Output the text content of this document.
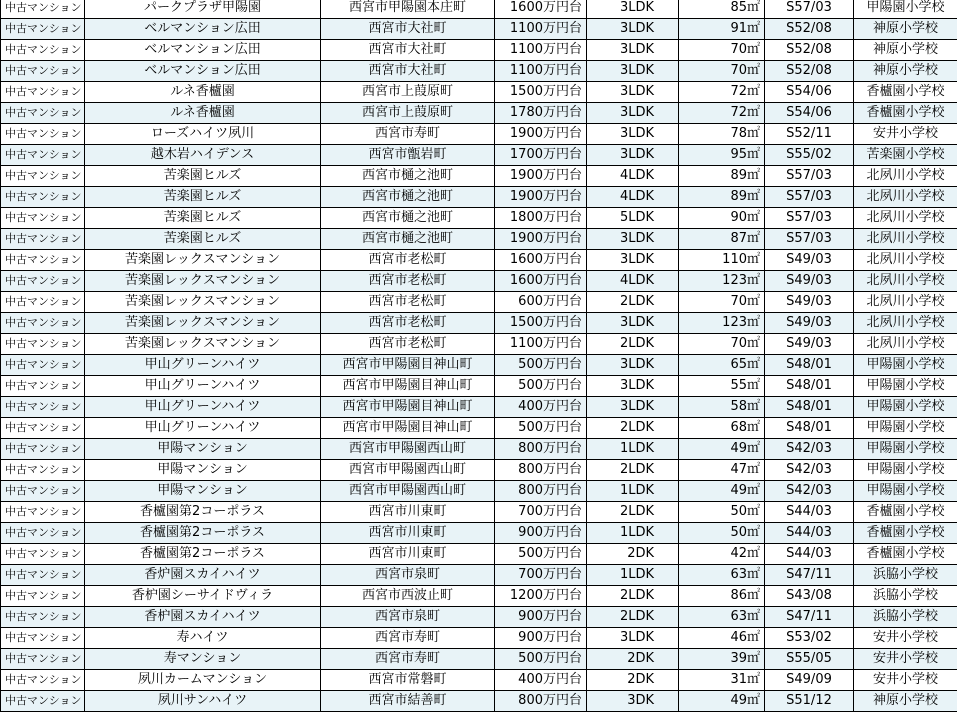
中古マンション	パークプラザ甲陽園	西宮市甲陽園本庄町	1600万円台	3LDK	85㎡	S57/03	甲陽園小学校
中古マンション	ベルマンション広田	西宮市大社町	1100万円台	3LDK	91㎡	S52/08	神原小学校
中古マンション	ベルマンション広田	西宮市大社町	1100万円台	3LDK	70㎡	S52/08	神原小学校
中古マンション	ベルマンション広田	西宮市大社町	1100万円台	3LDK	70㎡	S52/08	神原小学校
中古マンション	ルネ香櫨園	西宮市上葭原町	1500万円台	3LDK	72㎡	S54/06	香櫨園小学校
中古マンション	ルネ香櫨園	西宮市上葭原町	1780万円台	3LDK	72㎡	S54/06	香櫨園小学校
中古マンション	ローズハイツ夙川	西宮市寿町	1900万円台	3LDK	78㎡	S52/11	安井小学校
中古マンション	越木岩ハイデンス	西宮市甑岩町	1700万円台	3LDK	95㎡	S55/02	苦楽園小学校
中古マンション	苦楽園ヒルズ	西宮市樋之池町	1900万円台	4LDK	89㎡	S57/03	北夙川小学校
中古マンション	苦楽園ヒルズ	西宮市樋之池町	1900万円台	4LDK	89㎡	S57/03	北夙川小学校
中古マンション	苦楽園ヒルズ	西宮市樋之池町	1800万円台	5LDK	90㎡	S57/03	北夙川小学校
中古マンション	苦楽園ヒルズ	西宮市樋之池町	1900万円台	3LDK	87㎡	S57/03	北夙川小学校
中古マンション	苦楽園レックスマンション	西宮市老松町	1600万円台	3LDK	110㎡	S49/03	北夙川小学校
中古マンション	苦楽園レックスマンション	西宮市老松町	1600万円台	4LDK	123㎡	S49/03	北夙川小学校
中古マンション	苦楽園レックスマンション	西宮市老松町	600万円台	2LDK	70㎡	S49/03	北夙川小学校
中古マンション	苦楽園レックスマンション	西宮市老松町	1500万円台	3LDK	123㎡	S49/03	北夙川小学校
中古マンション	苦楽園レックスマンション	西宮市老松町	1100万円台	2LDK	70㎡	S49/03	北夙川小学校
中古マンション	甲山グリーンハイツ	西宮市甲陽園目神山町	500万円台	3LDK	65㎡	S48/01	甲陽園小学校
中古マンション	甲山グリーンハイツ	西宮市甲陽園目神山町	500万円台	3LDK	55㎡	S48/01	甲陽園小学校
中古マンション	甲山グリーンハイツ	西宮市甲陽園目神山町	400万円台	3LDK	58㎡	S48/01	甲陽園小学校
中古マンション	甲山グリーンハイツ	西宮市甲陽園目神山町	500万円台	2LDK	68㎡	S48/01	甲陽園小学校
中古マンション	甲陽マンション	西宮市甲陽園西山町	800万円台	1LDK	49㎡	S42/03	甲陽園小学校
中古マンション	甲陽マンション	西宮市甲陽園西山町	800万円台	2LDK	47㎡	S42/03	甲陽園小学校
中古マンション	甲陽マンション	西宮市甲陽園西山町	800万円台	1LDK	49㎡	S42/03	甲陽園小学校
中古マンション	香櫨園第2コーポラス	西宮市川東町	700万円台	2LDK	50㎡	S44/03	香櫨園小学校
中古マンション	香櫨園第2コーポラス	西宮市川東町	900万円台	1LDK	50㎡	S44/03	香櫨園小学校
中古マンション	香櫨園第2コーポラス	西宮市川東町	500万円台	2DK	42㎡	S44/03	香櫨園小学校
中古マンション	香炉園スカイハイツ	西宮市泉町	700万円台	1LDK	63㎡	S47/11	浜脇小学校
中古マンション	香枦園シーサイドヴィラ	西宮市西波止町	1200万円台	2LDK	86㎡	S43/08	浜脇小学校
中古マンション	香枦園スカイハイツ	西宮市泉町	900万円台	2LDK	63㎡	S47/11	浜脇小学校
中古マンション	寿ハイツ	西宮市寿町	900万円台	3LDK	46㎡	S53/02	安井小学校
中古マンション	寿マンション	西宮市寿町	500万円台	2DK	39㎡	S55/05	安井小学校
中古マンション	夙川カームマンション	西宮市常磐町	400万円台	2DK	31㎡	S49/09	安井小学校
中古マンション	夙川サンハイツ	西宮市結善町	800万円台	3DK	49㎡	S51/12	神原小学校
